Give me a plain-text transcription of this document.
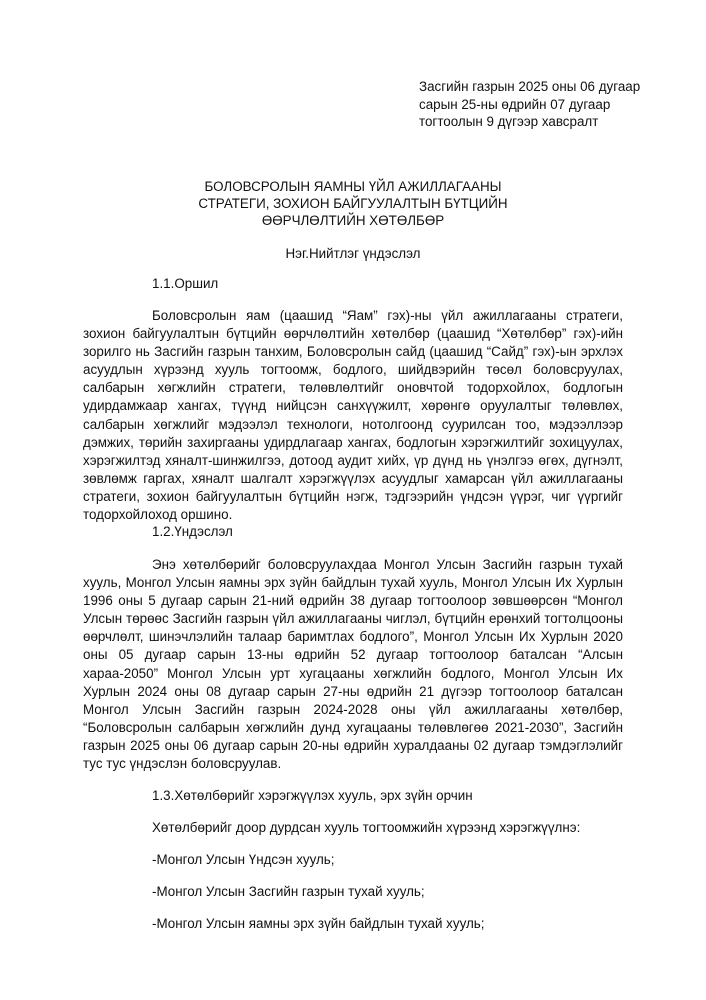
Засгийн газрын 2025 оны 06 дугаар
сарын 25-ны өдрийн 07 дугаар
тогтоолын 9 дүгээр хавсралт
БОЛОВСРОЛЫН ЯАМНЫ ҮЙЛ АЖИЛЛАГААНЫ
СТРАТЕГИ, ЗОХИОН БАЙГУУЛАЛТЫН БҮТЦИЙН
ӨӨРЧЛӨЛТИЙН ХӨТӨЛБӨР
Нэг.Нийтлэг үндэслэл
1.1.Оршил
Боловсролын яам (цаашид “Яам” гэх)-ны үйл ажиллагааны стратеги, зохион байгуулалтын бүтцийн өөрчлөлтийн хөтөлбөр (цаашид “Хөтөлбөр” гэх)-ийн зорилго нь Засгийн газрын танхим, Боловсролын сайд (цаашид “Сайд” гэх)-ын эрхлэх асуудлын хүрээнд хууль тогтоомж, бодлого, шийдвэрийн төсөл боловсруулах, салбарын хөгжлийн стратеги, төлөвлөлтийг оновчтой тодорхойлох, бодлогын удирдамжаар хангах, түүнд нийцсэн санхүүжилт, хөрөнгө оруулалтыг төлөвлөх, салбарын хөгжлийг мэдээлэл технологи, нотолгоонд суурилсан тоо, мэдээллээр дэмжих, төрийн захиргааны удирдлагаар хангах, бодлогын хэрэгжилтийг зохицуулах, хэрэгжилтэд хяналт-шинжилгээ, дотоод аудит хийх, үр дүнд нь үнэлгээ өгөх, дүгнэлт, зөвлөмж гаргах, хяналт шалгалт хэрэгжүүлэх асуудлыг хамарсан үйл ажиллагааны стратеги, зохион байгуулалтын бүтцийн нэгж, тэдгээрийн үндсэн үүрэг, чиг үүргийг тодорхойлоход оршино.
1.2.Үндэслэл
Энэ хөтөлбөрийг боловсруулахдаа Монгол Улсын Засгийн газрын тухай хууль, Монгол Улсын яамны эрх зүйн байдлын тухай хууль, Монгол Улсын Их Хурлын 1996 оны 5 дугаар сарын 21-ний өдрийн 38 дугаар тогтоолоор зөвшөөрсөн “Монгол Улсын төрөөс Засгийн газрын үйл ажиллагааны чиглэл, бүтцийн ерөнхий тогтолцооны өөрчлөлт, шинэчлэлийн талаар баримтлах бодлого”, Монгол Улсын Их Хурлын 2020 оны 05 дугаар сарын 13-ны өдрийн 52 дугаар тогтоолоор баталсан “Алсын хараа-2050” Монгол Улсын урт хугацааны хөгжлийн бодлого, Монгол Улсын Их Хурлын 2024 оны 08 дугаар сарын 27-ны өдрийн 21 дүгээр тогтоолоор баталсан Монгол Улсын Засгийн газрын 2024-2028 оны үйл ажиллагааны хөтөлбөр, “Боловсролын салбарын хөгжлийн дунд хугацааны төлөвлөгөө 2021-2030”, Засгийн газрын 2025 оны 06 дугаар сарын 20-ны өдрийн хуралдааны 02 дугаар тэмдэглэлийг тус тус үндэслэн боловсруулав.
1.3.Хөтөлбөрийг хэрэгжүүлэх хууль, эрх зүйн орчин
Хөтөлбөрийг доор дурдсан хууль тогтоомжийн хүрээнд хэрэгжүүлнэ:
-Монгол Улсын Үндсэн хууль;
-Монгол Улсын Засгийн газрын тухай хууль;
-Монгол Улсын яамны эрх зүйн байдлын тухай хууль;
